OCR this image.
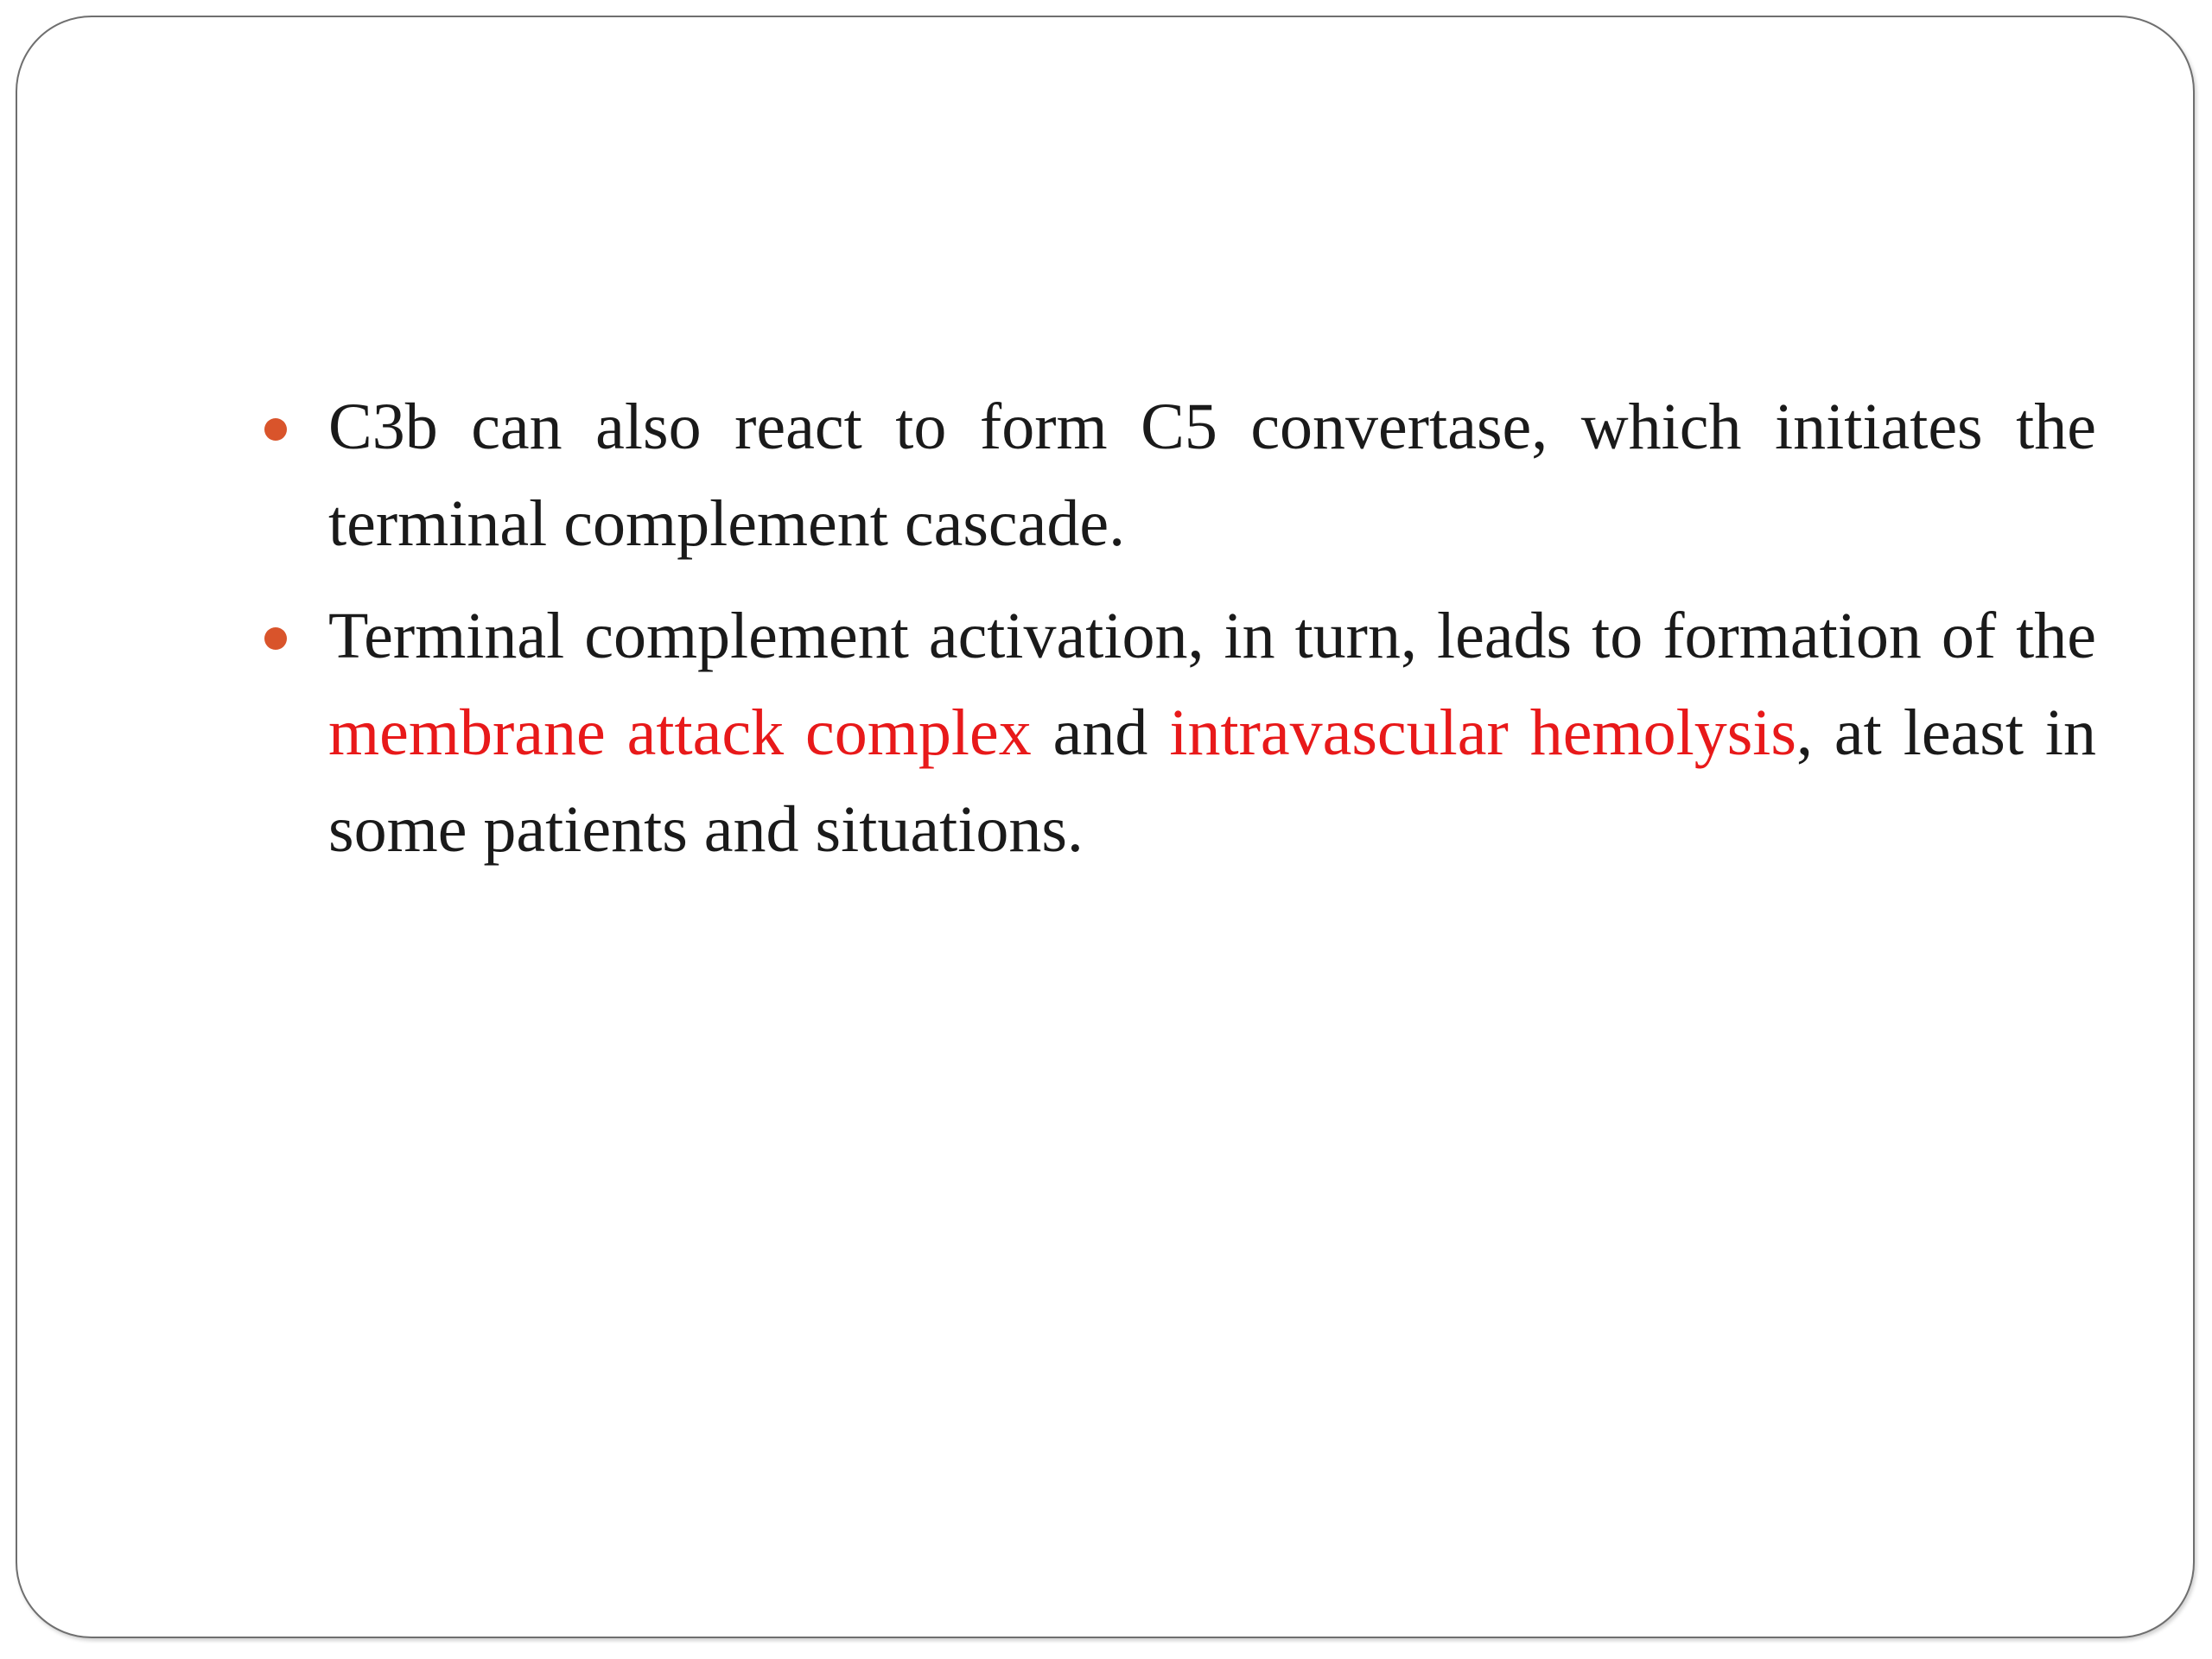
C3b can also react to form C5 convertase, which initiates the terminal complement cascade.
Terminal complement activation, in turn, leads to formation of the membrane attack complex and intravascular hemolysis, at least in some patients and situations.
